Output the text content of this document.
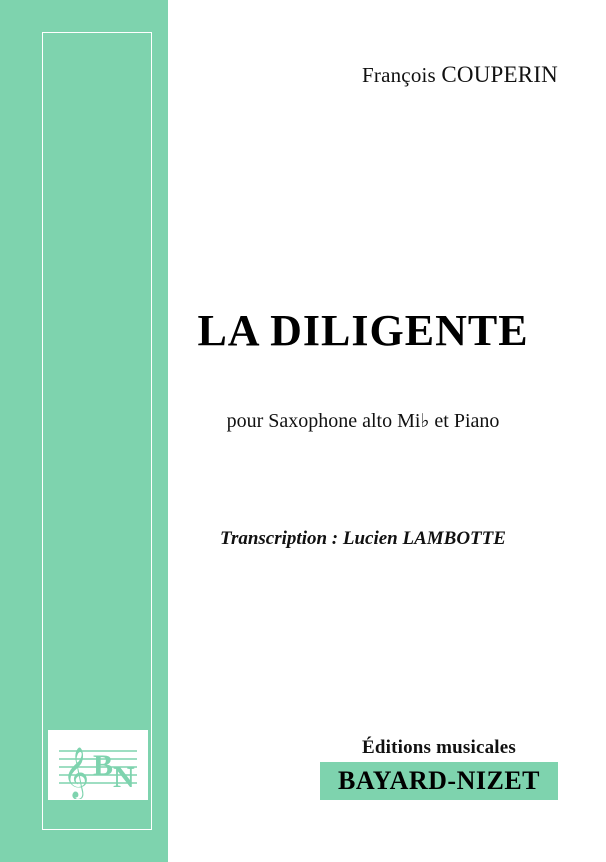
𝄞 B N
François COUPERIN
LA DILIGENTE
pour Saxophone alto Mi♭ et Piano
Transcription : Lucien LAMBOTTE
Éditions musicales
BAYARD-NIZET
